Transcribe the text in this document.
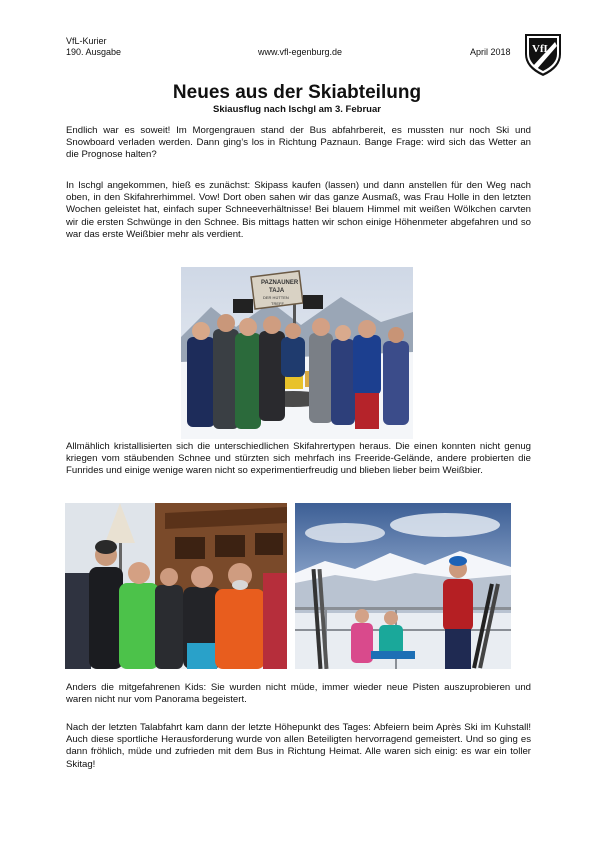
VfL-Kurier
190. Ausgabe	www.vfl-egenburg.de	April 2018 VfL
Neues aus der Skiabteilung
Skiausflug nach Ischgl am 3. Februar

Endlich war es soweit! Im Morgengrauen stand der Bus abfahrbereit, es mussten nur noch Ski und Snowboard verladen werden. Dann ging’s los in Richtung Paznaun. Bange Frage: wird sich das Wetter an die Prognose halten?

In Ischgl angekommen, hieß es zunächst: Skipass kaufen (lassen) und dann anstellen für den Weg nach oben, in den Skifahrerhimmel. Vow! Dort oben sahen wir das ganze Ausmaß, was Frau Holle in den letzten Wochen geleistet hat, einfach super Schneeverhältnisse! Bei blauem Himmel mit weißen Wölkchen carvten wir die ersten Schwünge in den Schnee. Bis mittags hatten wir schon einige Höhenmeter abgefahren und so war das erste Weißbier mehr als verdient.

PAZNAUNER
TAJA
DER HÜTTEN
TREFF

Allmählich kristallisierten sich die unterschiedlichen Skifahrertypen heraus. Die einen konnten nicht genug kriegen vom stäubenden Schnee und stürzten sich mehrfach ins Freeride-Gelände, andere probierten die Funrides und einige wenige waren nicht so experimentierfreudig und blieben lieber beim Weißbier.

Anders die mitgefahrenen Kids: Sie wurden nicht müde, immer wieder neue Pisten auszuprobieren und waren nicht nur vom Panorama begeistert.

Nach der letzten Talabfahrt kam dann der letzte Höhepunkt des Tages: Abfeiern beim Après Ski im Kuhstall! Auch diese sportliche Herausforderung wurde von allen Beteiligten hervorragend gemeistert. Und so ging es dann fröhlich, müde und zufrieden mit dem Bus in Richtung Heimat. Alle waren sich einig: es war ein toller Skitag!
